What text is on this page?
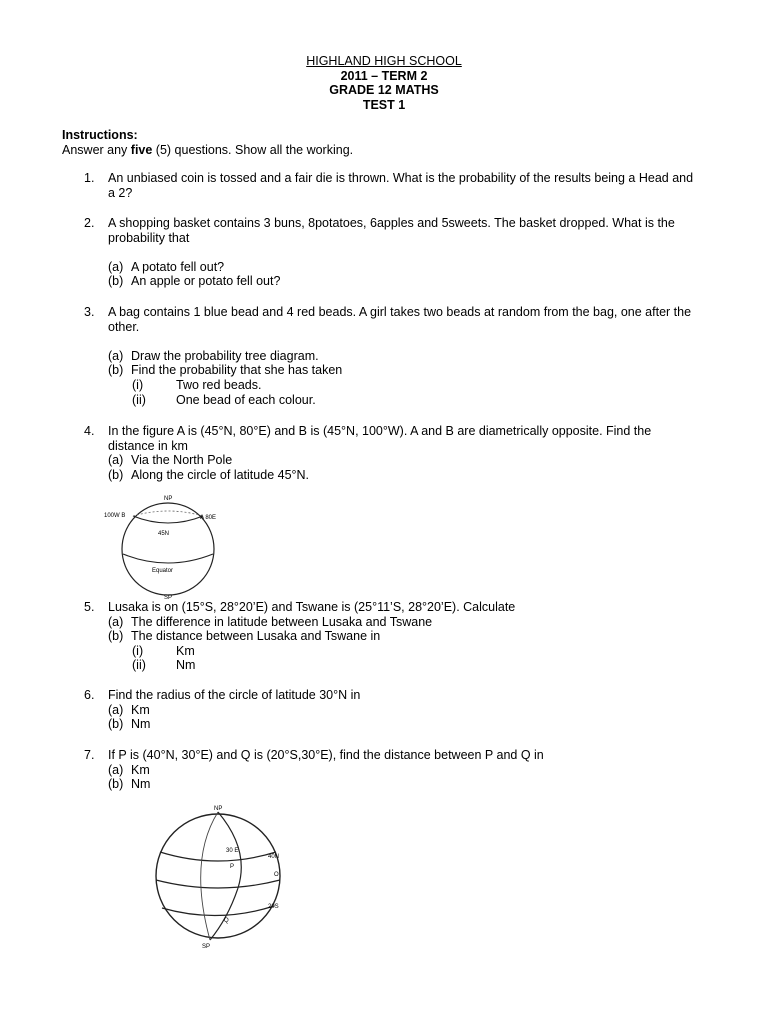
HIGHLAND HIGH SCHOOL
2011 – TERM 2
GRADE 12 MATHS
TEST 1
Instructions:
Answer any five (5) questions. Show all the working.
1. An unbiased coin is tossed and a fair die is thrown. What is the probability of the results being a Head and
a 2?
2. A shopping basket contains 3 buns, 8potatoes, 6apples and 5sweets. The basket dropped. What is the
probability that
(a) A potato fell out?
(b) An apple or potato fell out?
3. A bag contains 1 blue bead and 4 red beads. A girl takes two beads at random from the bag, one after the
other.
(a) Draw the probability tree diagram.
(b) Find the probability that she has taken
(i)	Two red beads.
(ii)	One bead of each colour.
4. In the figure A is (45°N, 80°E) and B is (45°N, 100°W). A and B are diametrically opposite. Find the
distance in km
(a) Via the North Pole
(b) Along the circle of latitude 45°N.
NP
100W B	A 80E
45N
Equator
SP
5. Lusaka is on (15°S, 28°20’E) and Tswane is (25°11’S, 28°20’E). Calculate
(a) The difference in latitude between Lusaka and Tswane
(b) The distance between Lusaka and Tswane in
(i)	Km
(ii)	Nm
6. Find the radius of the circle of latitude 30°N in
(a) Km
(b) Nm
7. If P is (40°N, 30°E) and Q is (20°S,30°E), find the distance between P and Q in
(a) Km
(b) Nm
NP
30 E
P
40N
O
20S
Q
SP
